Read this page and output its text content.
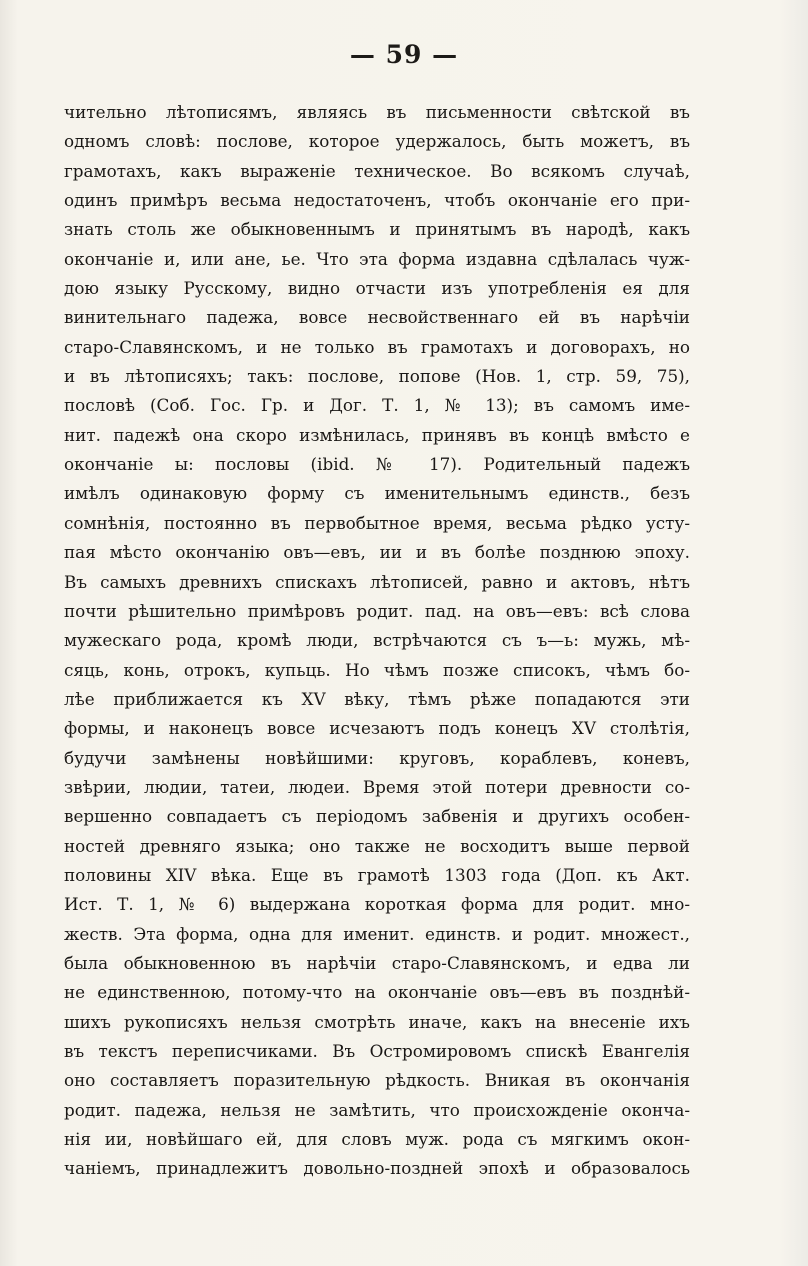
— 59 —
чительно лѣтописямъ, являясь въ письменности свѣтской въ
одномъ словѣ: послове, которое удержалось, быть можетъ, въ
грамотахъ, какъ выраженіе техническое. Во всякомъ случаѣ,
одинъ примѣръ весьма недостаточенъ, чтобъ окончаніе его при-
знать столь же обыкновеннымъ и принятымъ въ народѣ, какъ
окончаніе и, или ане, ье. Что эта форма издавна сдѣлалась чуж-
дою языку Русскому, видно отчасти изъ употребленія ея для
винительнаго падежа, вовсе несвойственнаго ей въ нарѣчіи
старо-Славянскомъ, и не только въ грамотахъ и договорахъ, но
и въ лѣтописяхъ; такъ: послове, попове (Нов. 1, стр. 59, 75),
пословѣ (Соб. Гос. Гр. и Дог. Т. 1, № 13); въ самомъ име-
нит. падежѣ она скоро измѣнилась, принявъ въ концѣ вмѣсто е
окончаніе ы: пословы (ibid. № 17). Родительный падежъ
имѣлъ одинаковую форму съ именительнымъ единств., безъ
сомнѣнія, постоянно въ первобытное время, весьма рѣдко усту-
пая мѣсто окончанію овъ—евъ, ии и въ болѣе позднюю эпоху.
Въ самыхъ древнихъ спискахъ лѣтописей, равно и актовъ, нѣтъ
почти рѣшительно примѣровъ родит. пад. на овъ—евъ: всѣ слова
мужескаго рода, кромѣ люди, встрѣчаются съ ъ—ь: мужь, мѣ-
сяць, конь, отрокъ, купьць. Но чѣмъ позже списокъ, чѣмъ бо-
лѣе приближается къ XV вѣку, тѣмъ рѣже попадаются эти
формы, и наконецъ вовсе исчезаютъ подъ конецъ XV столѣтія,
будучи замѣнены новѣйшими: круговъ, кораблевъ, коневъ,
звѣрии, людии, татеи, людеи. Время этой потери древности со-
вершенно совпадаетъ съ періодомъ забвенія и другихъ особен-
ностей древняго языка; оно также не восходитъ выше первой
половины XIV вѣка. Еще въ грамотѣ 1303 года (Доп. къ Акт.
Ист. Т. 1, № 6) выдержана короткая форма для родит. мно-
жеств. Эта форма, одна для именит. единств. и родит. множест.,
была обыкновенною въ нарѣчіи старо-Славянскомъ, и едва ли
не единственною, потому-что на окончаніе овъ—евъ въ позднѣй-
шихъ рукописяхъ нельзя смотрѣть иначе, какъ на внесеніе ихъ
въ текстъ переписчиками. Въ Остромировомъ спискѣ Евангелія
оно составляетъ поразительную рѣдкость. Вникая въ окончанія
родит. падежа, нельзя не замѣтить, что происхожденіе оконча-
нія ии, новѣйшаго ей, для словъ муж. рода съ мягкимъ окон-
чаніемъ, принадлежитъ довольно-поздней эпохѣ и образовалось
